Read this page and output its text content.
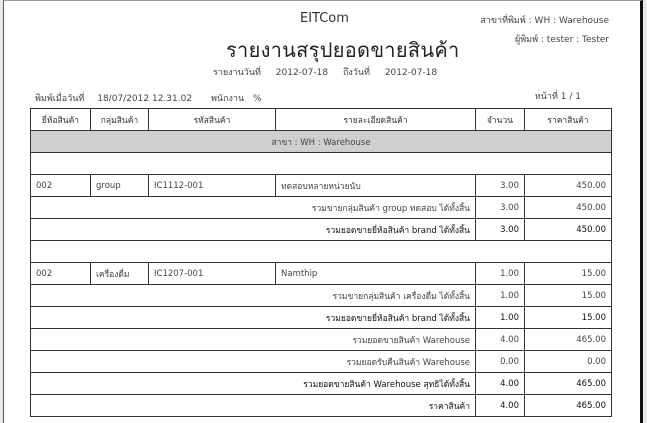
EITCom
รายงานสรุปยอดขายสินค้า
รายงานวันที่ 2012-07-18 ถึงวันที่ 2012-07-18
สาขาที่พิมพ์ : WH : Warehouse
ผู้พิมพ์ : tester : Tester
พิมพ์เมื่อวันที่ 18/07/2012 12.31.02	พนักงาน %	หน้าที่ 1 / 1
ยี่ห้อสินค้า	กลุ่มสินค้า	รหัสสินค้า	รายละเอียดสินค้า	จำนวน	ราคาสินค้า
สาขา : WH : Warehouse					

002	group	IC1112-001	ทดสอบหลายหน่วยนับ	3.00	450.00
รวมขายกลุ่มสินค้า group ทดสอบ ได้ทั้งสิ้น				3.00	450.00
รวมยอดขายยี่ห้อสินค้า brand ได้ทั้งสิ้น				3.00	450.00

002	เครื่องดื่ม	IC1207-001	Namthip	1.00	15.00
รวมขายกลุ่มสินค้า เครื่องดื่ม ได้ทั้งสิ้น				1.00	15.00
รวมยอดขายยี่ห้อสินค้า brand ได้ทั้งสิ้น				1.00	15.00
รวมยอดขายสินค้า Warehouse				4.00	465.00
รวมยอดรับคืนสินค้า Warehouse				0.00	0.00
รวมยอดขายสินค้า Warehouse สุทธิได้ทั้งสิ้น				4.00	465.00
ราคาสินค้า				4.00	465.00
